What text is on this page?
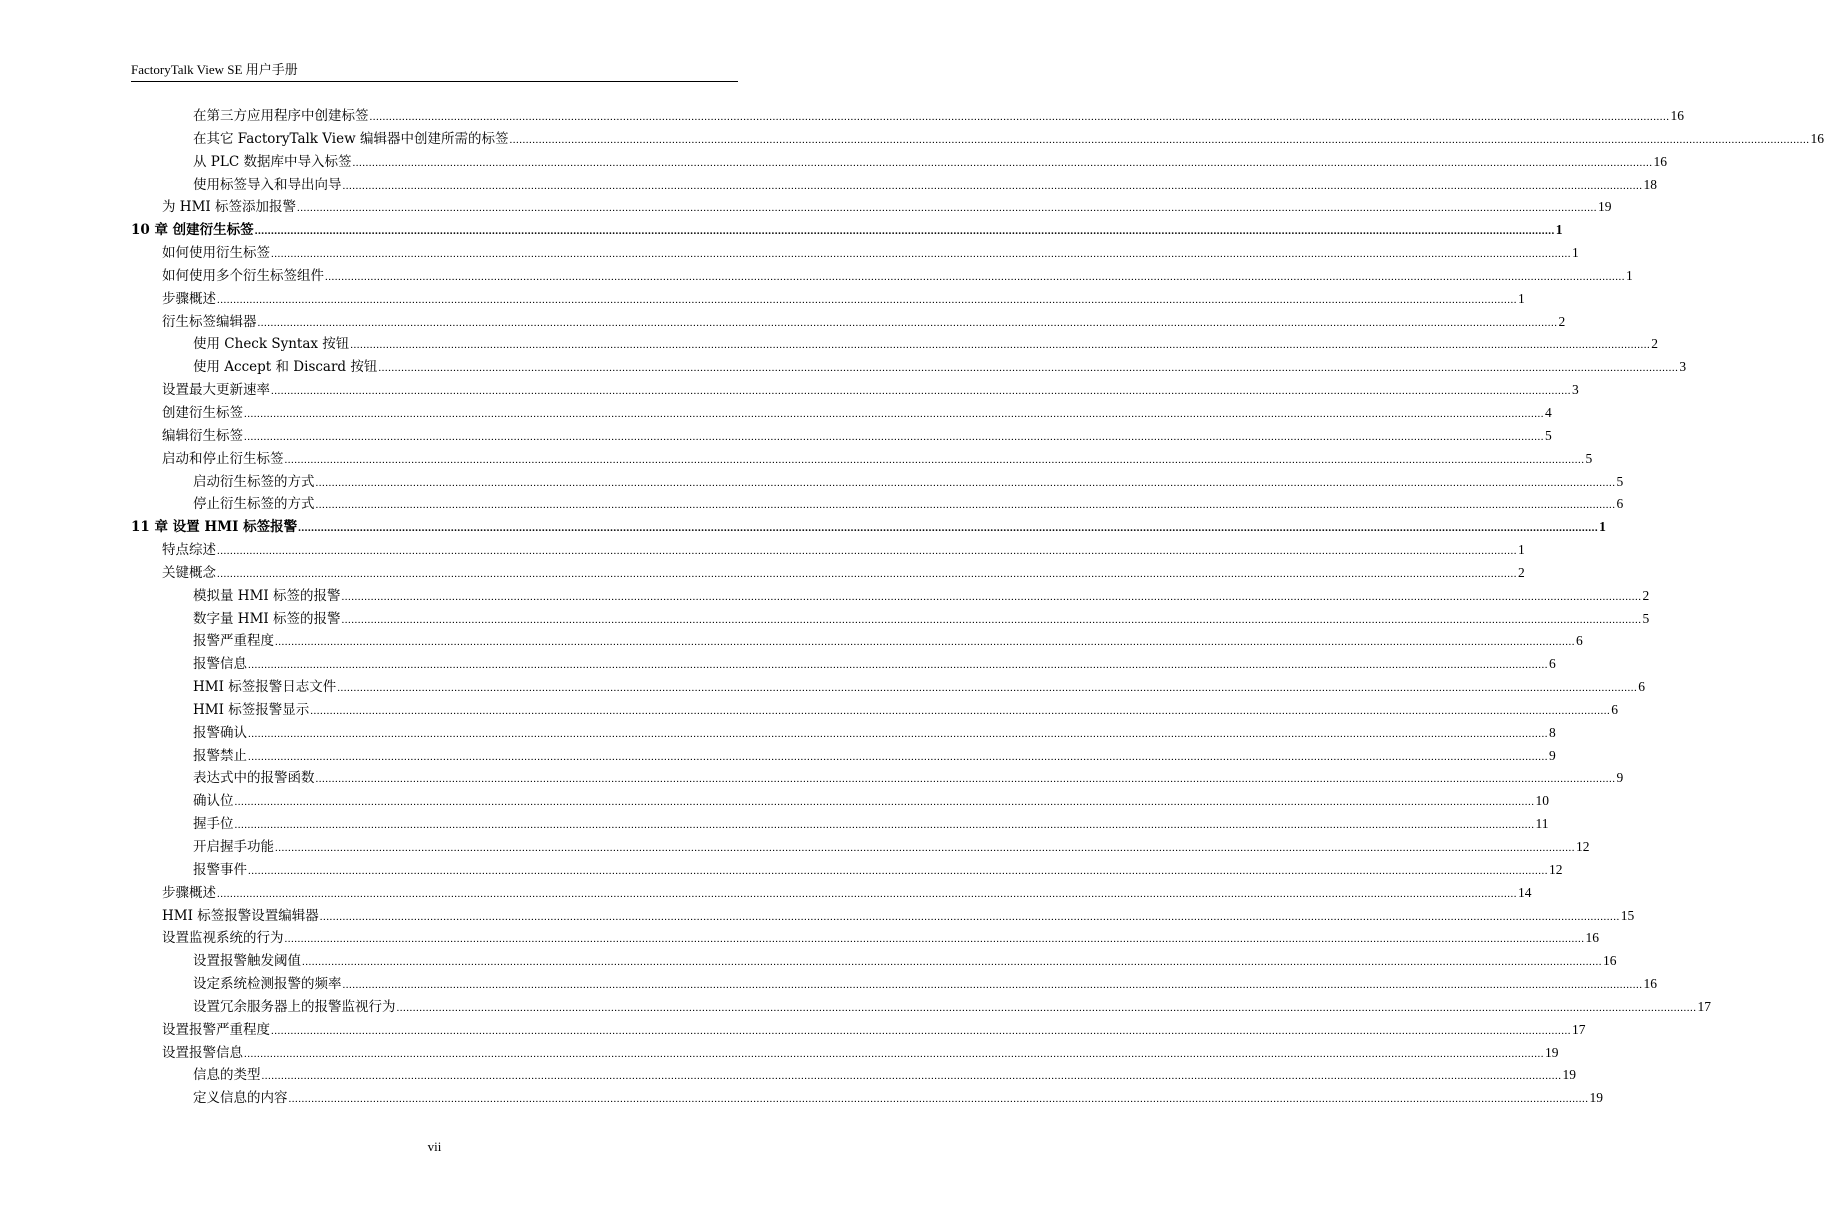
FactoryTalk View SE 用户手册
在第三方应用程序中创建标签 ................................................................................................................................................................................................................................................................................................................................................................................................................ 16
在其它 FactoryTalk View 编辑器中创建所需的标签 ................................................................................................................................................................................................................................................................................................................................................................................................................ 16
从 PLC 数据库中导入标签 ................................................................................................................................................................................................................................................................................................................................................................................................................ 16
使用标签导入和导出向导 ................................................................................................................................................................................................................................................................................................................................................................................................................ 18
为 HMI 标签添加报警 ................................................................................................................................................................................................................................................................................................................................................................................................................ 19
10 章 创建衍生标签 ................................................................................................................................................................................................................................................................................................................................................................................................................ 1
如何使用衍生标签 ................................................................................................................................................................................................................................................................................................................................................................................................................ 1
如何使用多个衍生标签组件 ................................................................................................................................................................................................................................................................................................................................................................................................................ 1
步骤概述 ................................................................................................................................................................................................................................................................................................................................................................................................................ 1
衍生标签编辑器 ................................................................................................................................................................................................................................................................................................................................................................................................................ 2
使用 Check Syntax 按钮 ................................................................................................................................................................................................................................................................................................................................................................................................................ 2
使用 Accept 和 Discard 按钮 ................................................................................................................................................................................................................................................................................................................................................................................................................ 3
设置最大更新速率 ................................................................................................................................................................................................................................................................................................................................................................................................................ 3
创建衍生标签 ................................................................................................................................................................................................................................................................................................................................................................................................................ 4
编辑衍生标签 ................................................................................................................................................................................................................................................................................................................................................................................................................ 5
启动和停止衍生标签 ................................................................................................................................................................................................................................................................................................................................................................................................................ 5
启动衍生标签的方式 ................................................................................................................................................................................................................................................................................................................................................................................................................ 5
停止衍生标签的方式 ................................................................................................................................................................................................................................................................................................................................................................................................................ 6
11 章 设置 HMI 标签报警 ................................................................................................................................................................................................................................................................................................................................................................................................................ 1
特点综述 ................................................................................................................................................................................................................................................................................................................................................................................................................ 1
关键概念 ................................................................................................................................................................................................................................................................................................................................................................................................................ 2
模拟量 HMI 标签的报警 ................................................................................................................................................................................................................................................................................................................................................................................................................ 2
数字量 HMI 标签的报警 ................................................................................................................................................................................................................................................................................................................................................................................................................ 5
报警严重程度 ................................................................................................................................................................................................................................................................................................................................................................................................................ 6
报警信息 ................................................................................................................................................................................................................................................................................................................................................................................................................ 6
HMI 标签报警日志文件 ................................................................................................................................................................................................................................................................................................................................................................................................................ 6
HMI 标签报警显示 ................................................................................................................................................................................................................................................................................................................................................................................................................ 6
报警确认 ................................................................................................................................................................................................................................................................................................................................................................................................................ 8
报警禁止 ................................................................................................................................................................................................................................................................................................................................................................................................................ 9
表达式中的报警函数 ................................................................................................................................................................................................................................................................................................................................................................................................................ 9
确认位 ................................................................................................................................................................................................................................................................................................................................................................................................................ 10
握手位 ................................................................................................................................................................................................................................................................................................................................................................................................................ 11
开启握手功能 ................................................................................................................................................................................................................................................................................................................................................................................................................ 12
报警事件 ................................................................................................................................................................................................................................................................................................................................................................................................................ 12
步骤概述 ................................................................................................................................................................................................................................................................................................................................................................................................................ 14
HMI 标签报警设置编辑器 ................................................................................................................................................................................................................................................................................................................................................................................................................ 15
设置监视系统的行为 ................................................................................................................................................................................................................................................................................................................................................................................................................ 16
设置报警触发阈值 ................................................................................................................................................................................................................................................................................................................................................................................................................ 16
设定系统检测报警的频率 ................................................................................................................................................................................................................................................................................................................................................................................................................ 16
设置冗余服务器上的报警监视行为 ................................................................................................................................................................................................................................................................................................................................................................................................................ 17
设置报警严重程度 ................................................................................................................................................................................................................................................................................................................................................................................................................ 17
设置报警信息 ................................................................................................................................................................................................................................................................................................................................................................................................................ 19
信息的类型 ................................................................................................................................................................................................................................................................................................................................................................................................................ 19
定义信息的内容 ................................................................................................................................................................................................................................................................................................................................................................................................................ 19
vii
